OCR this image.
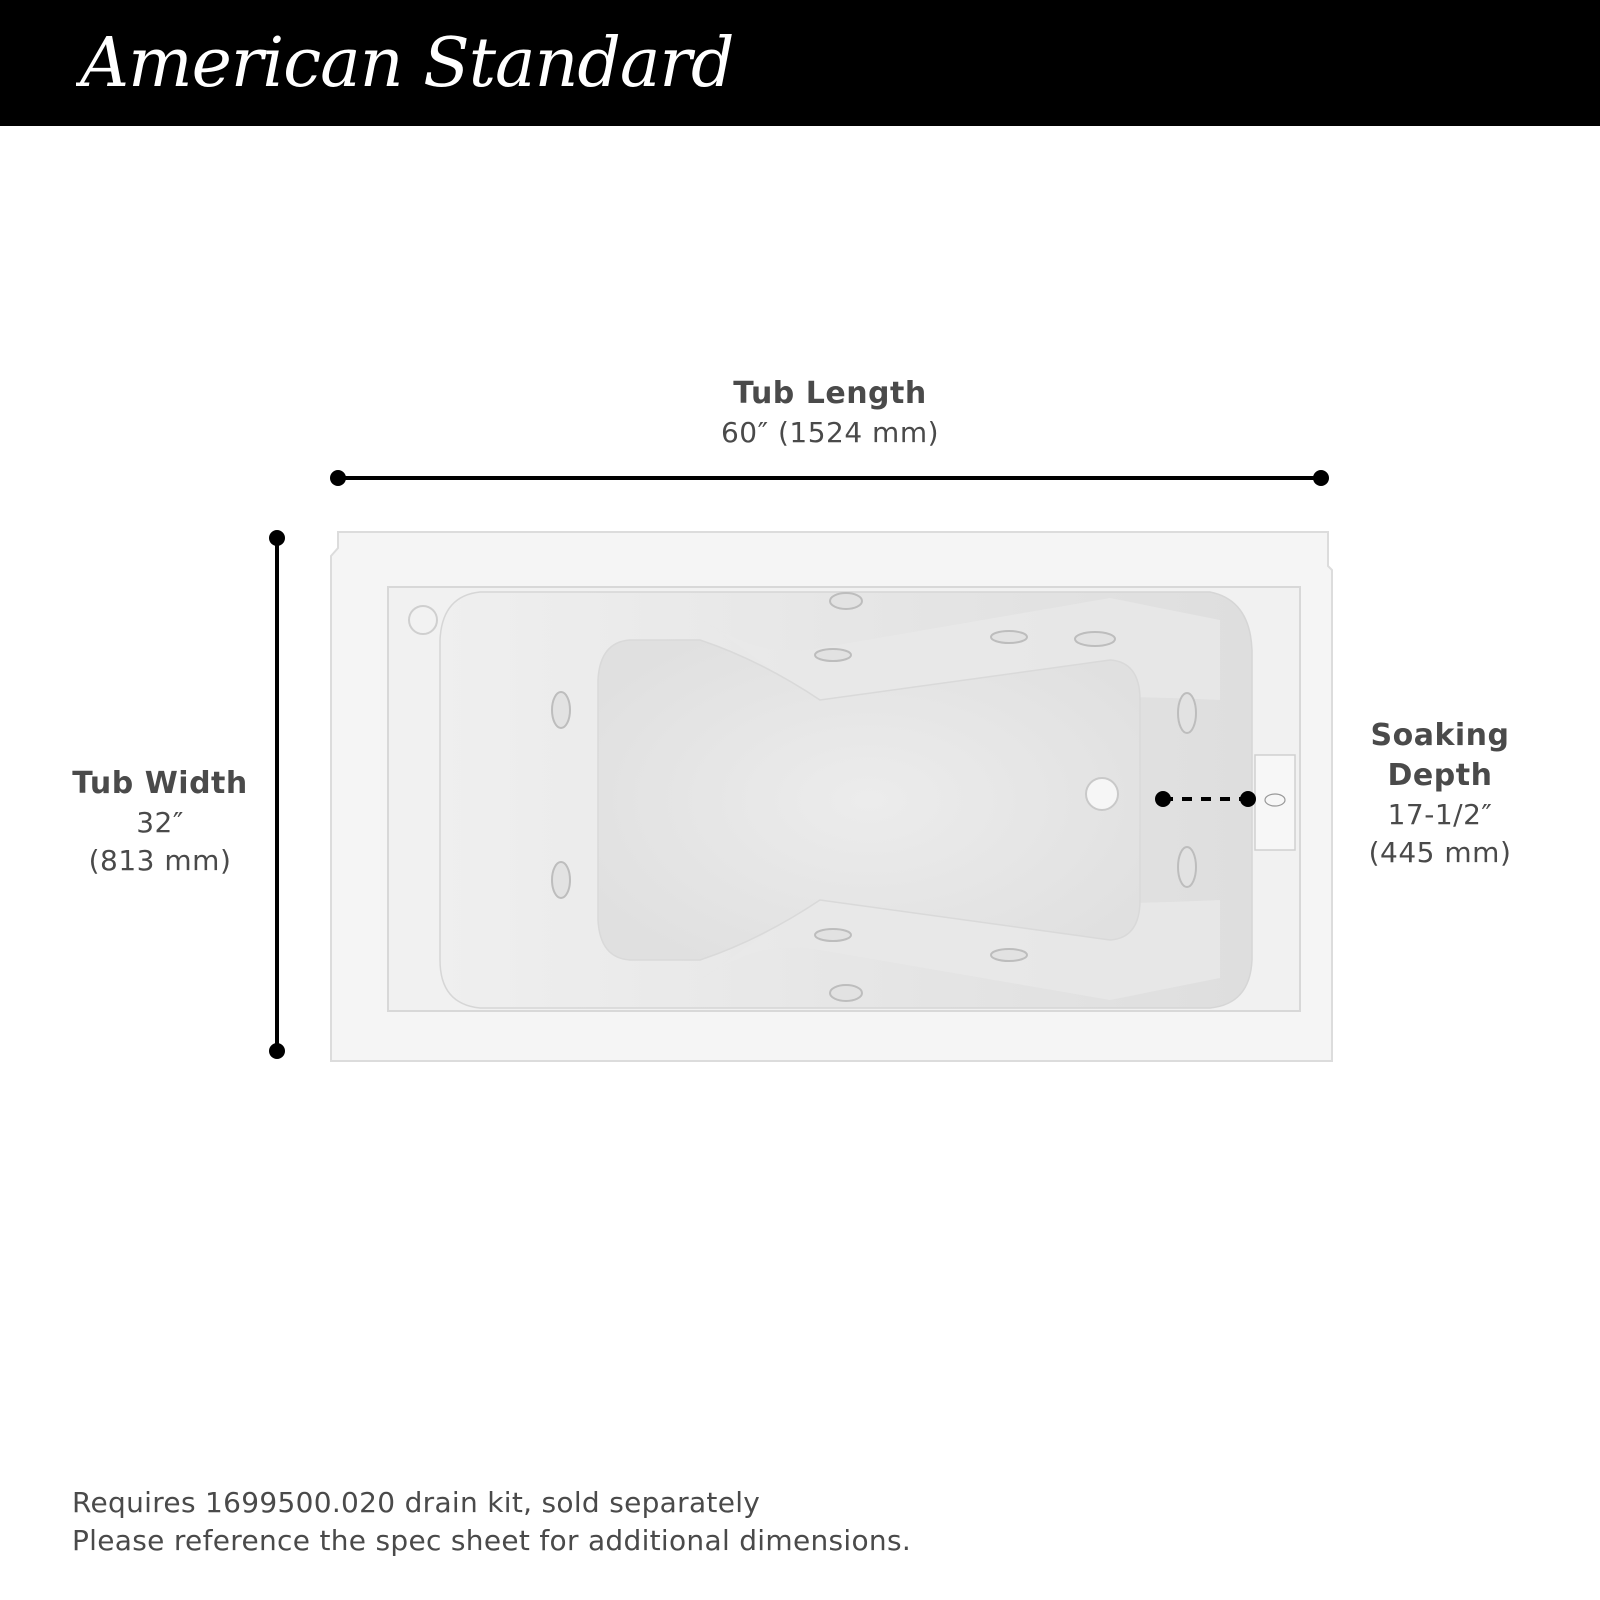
American Standard
Tub Length
60″ (1524 mm)
Tub Width
32″
(813 mm)
Soaking
Depth
17-1/2″
(445 mm)
Requires 1699500.020 drain kit, sold separately
Please reference the spec sheet for additional dimensions.
